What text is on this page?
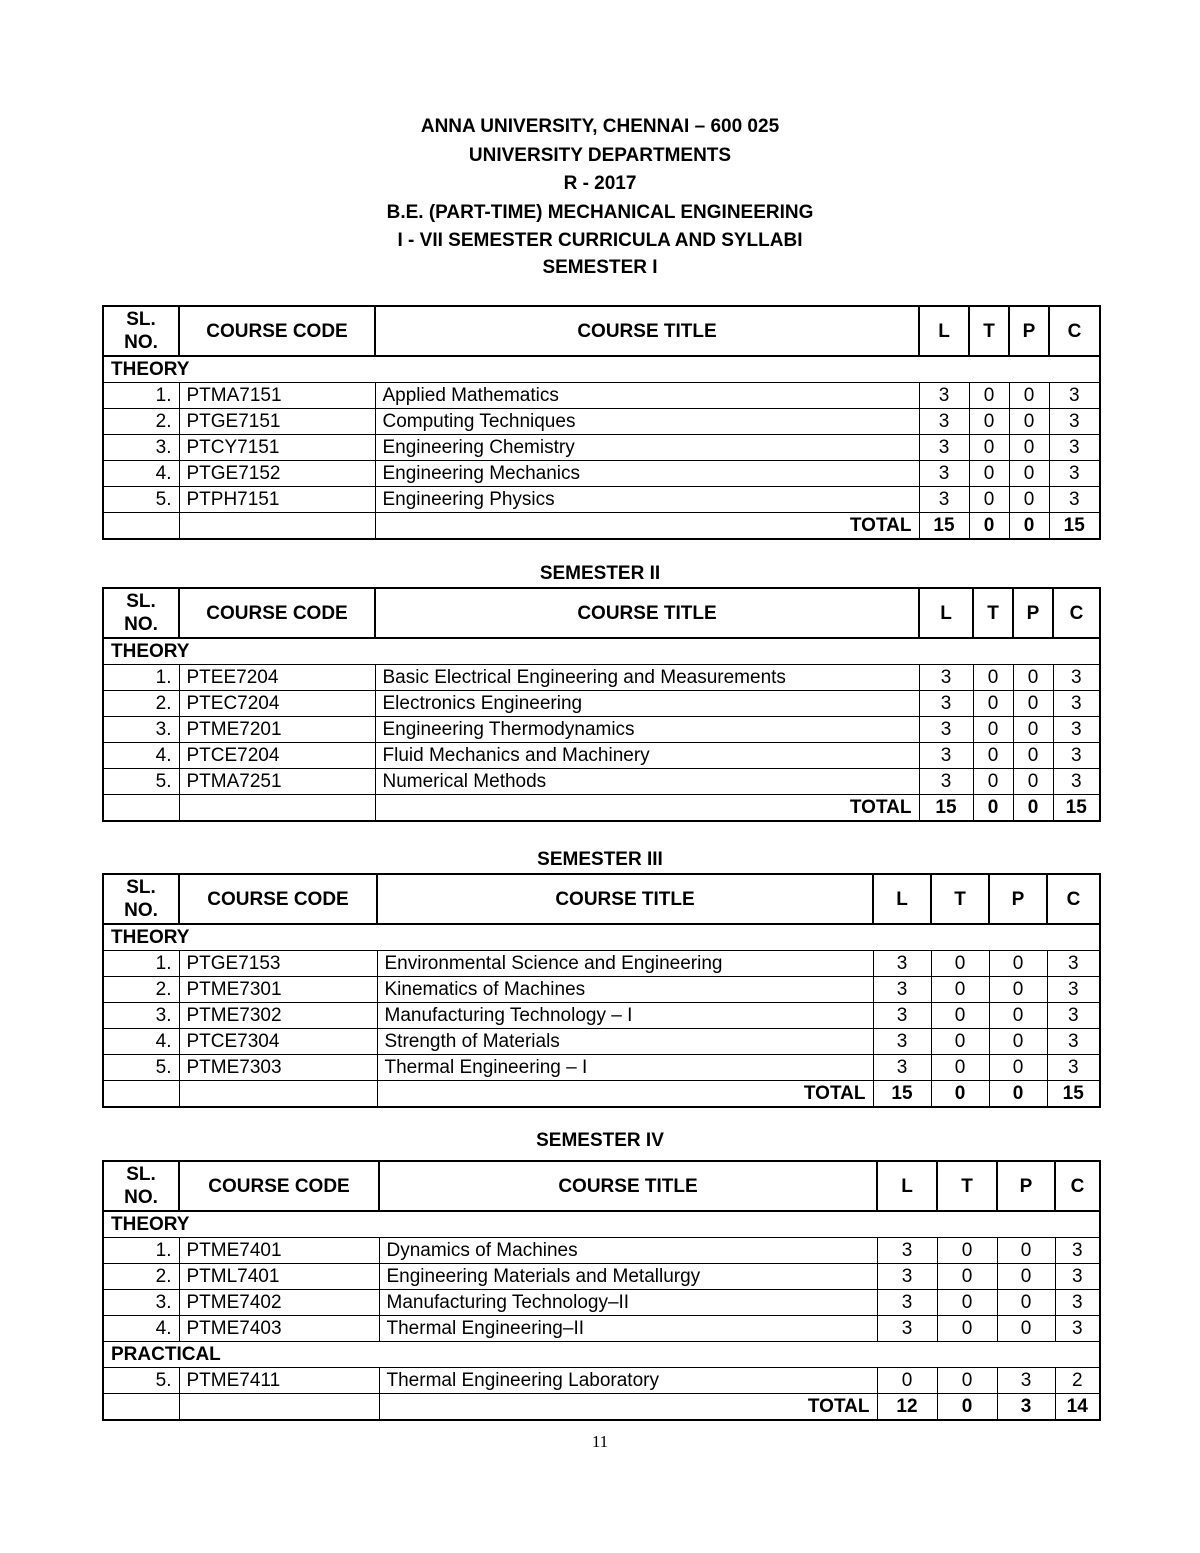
ANNA UNIVERSITY, CHENNAI – 600 025
UNIVERSITY DEPARTMENTS
R - 2017
B.E. (PART-TIME) MECHANICAL ENGINEERING
I - VII SEMESTER CURRICULA AND SYLLABI
SEMESTER I
SL. NO.	COURSE CODE	COURSE TITLE	L	T	P	C
THEORY						
1.	PTMA7151	Applied Mathematics	3	0	0	3
2.	PTGE7151	Computing Techniques	3	0	0	3
3.	PTCY7151	Engineering Chemistry	3	0	0	3
4.	PTGE7152	Engineering Mechanics	3	0	0	3
5.	PTPH7151	Engineering Physics	3	0	0	3
		TOTAL	15	0	0	15
SEMESTER II
SL. NO.	COURSE CODE	COURSE TITLE	L	T	P	C
THEORY						
1.	PTEE7204	Basic Electrical Engineering and Measurements	3	0	0	3
2.	PTEC7204	Electronics Engineering	3	0	0	3
3.	PTME7201	Engineering Thermodynamics	3	0	0	3
4.	PTCE7204	Fluid Mechanics and Machinery	3	0	0	3
5.	PTMA7251	Numerical Methods	3	0	0	3
		TOTAL	15	0	0	15
SEMESTER III
SL. NO.	COURSE CODE	COURSE TITLE	L	T	P	C
THEORY						
1.	PTGE7153	Environmental Science and Engineering	3	0	0	3
2.	PTME7301	Kinematics of Machines	3	0	0	3
3.	PTME7302	Manufacturing Technology – I	3	0	0	3
4.	PTCE7304	Strength of Materials	3	0	0	3
5.	PTME7303	Thermal Engineering – I	3	0	0	3
		TOTAL	15	0	0	15
SEMESTER IV
SL. NO.	COURSE CODE	COURSE TITLE	L	T	P	C
THEORY						
1.	PTME7401	Dynamics of Machines	3	0	0	3
2.	PTML7401	Engineering Materials and Metallurgy	3	0	0	3
3.	PTME7402	Manufacturing Technology–II	3	0	0	3
4.	PTME7403	Thermal Engineering–II	3	0	0	3
PRACTICAL						
5.	PTME7411	Thermal Engineering Laboratory	0	0	3	2
		TOTAL	12	0	3	14
11
